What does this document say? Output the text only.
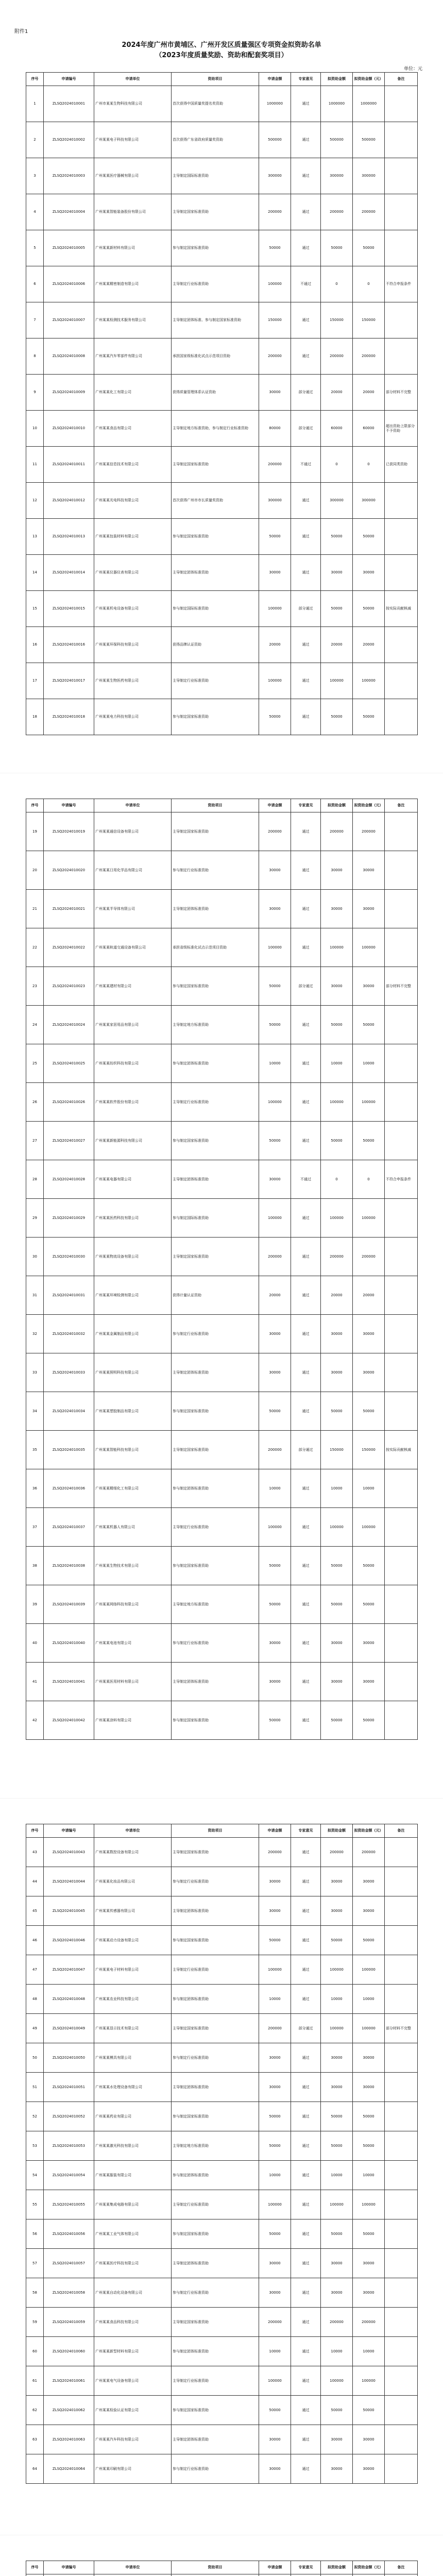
附件1
2024年度广州市黄埔区、广州开发区质量强区专项资金拟资助名单
（2023年度质量奖励、资助和配套奖项目）
单位：元
序号	申请编号	申请单位	资助项目	申请金额	专家意见	拟资助金额	拟资助金额（元）	备注
1	ZLSQ2024010001	广州市某某生物科技有限公司	首次获得中国质量奖提名奖资助	1000000	通过	1000000	1000000	
2	ZLSQ2024010002	广州某某电子科技有限公司	首次获得广东省政府质量奖资助	500000	通过	500000	500000	
3	ZLSQ2024010003	广州某某医疗器械有限公司	主导制定国际标准资助	300000	通过	300000	300000	
4	ZLSQ2024010004	广州某某智能装备股份有限公司	主导制定国家标准资助	200000	通过	200000	200000	
5	ZLSQ2024010005	广州某某新材料有限公司	参与制定国家标准资助	50000	通过	50000	50000	
6	ZLSQ2024010006	广州某某精密制造有限公司	主导制定行业标准资助	100000	不通过	0	0	不符合申报条件
7	ZLSQ2024010007	广州某某检测技术服务有限公司	主导制定团体标准、参与制定国家标准资助	150000	通过	150000	150000	
8	ZLSQ2024010008	广州某某汽车零部件有限公司	承担国家级标准化试点示范项目资助	200000	通过	200000	200000	
9	ZLSQ2024010009	广州某某化工有限公司	获得质量管理体系认证资助	30000	部分通过	20000	20000	部分材料不完整
10	ZLSQ2024010010	广州某某食品有限公司	主导制定地方标准资助，参与制定行业标准资助	80000	部分通过	60000	60000	超出资助上限部分不予资助
11	ZLSQ2024010011	广州某某信息技术有限公司	主导制定国家标准资助	200000	不通过	0	0	已获同类资助
12	ZLSQ2024010012	广州某某光电科技有限公司	首次获得广州市市长质量奖资助	300000	通过	300000	300000	
13	ZLSQ2024010013	广州某某包装材料有限公司	参与制定国家标准资助	50000	通过	50000	50000	
14	ZLSQ2024010014	广州某某仪器仪表有限公司	主导制定团体标准资助	30000	通过	30000	30000	
15	ZLSQ2024010015	广州某某机电设备有限公司	参与制定国际标准资助	100000	部分通过	50000	50000	按实际贡献核减
16	ZLSQ2024010016	广州某某环保科技有限公司	获得品牌认证资助	20000	通过	20000	20000	
17	ZLSQ2024010017	广州某某生物医药有限公司	主导制定行业标准资助	100000	通过	100000	100000	
18	ZLSQ2024010018	广州某某电力科技有限公司	参与制定国家标准资助	50000	通过	50000	50000	
序号	申请编号	申请单位	资助项目	申请金额	专家意见	拟资助金额	拟资助金额（元）	备注
19	ZLSQ2024010019	广州某某通信设备有限公司	主导制定国家标准资助	200000	通过	200000	200000	
20	ZLSQ2024010020	广州某某日用化学品有限公司	参与制定行业标准资助	30000	通过	30000	30000	
21	ZLSQ2024010021	广州某某半导体有限公司	主导制定团体标准资助	30000	通过	30000	30000	
22	ZLSQ2024010022	广州某某轨道交通设备有限公司	承担省级标准化试点示范项目资助	100000	通过	100000	100000	
23	ZLSQ2024010023	广州某某建材有限公司	参与制定国家标准资助	50000	部分通过	30000	30000	部分材料不完整
24	ZLSQ2024010024	广州某某家居用品有限公司	主导制定地方标准资助	50000	通过	50000	50000	
25	ZLSQ2024010025	广州某某纺织科技有限公司	参与制定团体标准资助	10000	通过	10000	10000	
26	ZLSQ2024010026	广州某某软件股份有限公司	主导制定行业标准资助	100000	通过	100000	100000	
27	ZLSQ2024010027	广州某某新能源科技有限公司	参与制定国家标准资助	50000	通过	50000	50000	
28	ZLSQ2024010028	广州某某电器有限公司	主导制定团体标准资助	30000	不通过	0	0	不符合申报条件
29	ZLSQ2024010029	广州某某医药科技有限公司	参与制定国际标准资助	100000	通过	100000	100000	
30	ZLSQ2024010030	广州某某物流设备有限公司	主导制定国家标准资助	200000	通过	200000	200000	
31	ZLSQ2024010031	广州某某环境检测有限公司	获得计量认证资助	20000	通过	20000	20000	
32	ZLSQ2024010032	广州某某金属制品有限公司	参与制定行业标准资助	30000	通过	30000	30000	
33	ZLSQ2024010033	广州某某照明科技有限公司	主导制定团体标准资助	30000	通过	30000	30000	
34	ZLSQ2024010034	广州某某塑胶制品有限公司	参与制定国家标准资助	50000	通过	50000	50000	
35	ZLSQ2024010035	广州某某智能科技有限公司	主导制定国家标准资助	200000	部分通过	150000	150000	按实际贡献核减
36	ZLSQ2024010036	广州某某精细化工有限公司	参与制定团体标准资助	10000	通过	10000	10000	
37	ZLSQ2024010037	广州某某机器人有限公司	主导制定行业标准资助	100000	通过	100000	100000	
38	ZLSQ2024010038	广州某某生物技术有限公司	参与制定国家标准资助	50000	通过	50000	50000	
39	ZLSQ2024010039	广州某某网络科技有限公司	主导制定地方标准资助	50000	通过	50000	50000	
40	ZLSQ2024010040	广州某某电池有限公司	参与制定行业标准资助	30000	通过	30000	30000	
41	ZLSQ2024010041	广州某某医用材料有限公司	主导制定团体标准资助	30000	通过	30000	30000	
42	ZLSQ2024010042	广州某某涂料有限公司	参与制定国家标准资助	50000	通过	50000	50000	
序号	申请编号	申请单位	资助项目	申请金额	专家意见	拟资助金额	拟资助金额（元）	备注
43	ZLSQ2024010043	广州某某数控设备有限公司	主导制定国家标准资助	200000	通过	200000	200000	
44	ZLSQ2024010044	广州某某化妆品有限公司	参与制定行业标准资助	30000	通过	30000	30000	
45	ZLSQ2024010045	广州某某传感器有限公司	主导制定团体标准资助	30000	通过	30000	30000	
46	ZLSQ2024010046	广州某某动力设备有限公司	参与制定国家标准资助	50000	通过	50000	50000	
47	ZLSQ2024010047	广州某某电子材料有限公司	主导制定行业标准资助	100000	通过	100000	100000	
48	ZLSQ2024010048	广州某某农业科技有限公司	参与制定团体标准资助	10000	通过	10000	10000	
49	ZLSQ2024010049	广州某某显示技术有限公司	主导制定国家标准资助	200000	部分通过	100000	100000	部分材料不完整
50	ZLSQ2024010050	广州某某模具有限公司	参与制定行业标准资助	30000	通过	30000	30000	
51	ZLSQ2024010051	广州某某水处理设备有限公司	主导制定团体标准资助	30000	通过	30000	30000	
52	ZLSQ2024010052	广州某某药业有限公司	参与制定国家标准资助	50000	通过	50000	50000	
53	ZLSQ2024010053	广州某某激光科技有限公司	主导制定地方标准资助	50000	通过	50000	50000	
54	ZLSQ2024010054	广州某某服装有限公司	参与制定团体标准资助	10000	通过	10000	10000	
55	ZLSQ2024010055	广州某某集成电路有限公司	主导制定行业标准资助	100000	通过	100000	100000	
56	ZLSQ2024010056	广州某某工业气体有限公司	参与制定国家标准资助	50000	通过	50000	50000	
57	ZLSQ2024010057	广州某某医疗科技有限公司	主导制定团体标准资助	30000	通过	30000	30000	
58	ZLSQ2024010058	广州某某自动化设备有限公司	参与制定行业标准资助	30000	通过	30000	30000	
59	ZLSQ2024010059	广州某某食品科技有限公司	主导制定国家标准资助	200000	通过	200000	200000	
60	ZLSQ2024010060	广州某某新型材料有限公司	参与制定团体标准资助	10000	通过	10000	10000	
61	ZLSQ2024010061	广州某某电气设备有限公司	主导制定行业标准资助	100000	通过	100000	100000	
62	ZLSQ2024010062	广州某某检验认证有限公司	参与制定国家标准资助	50000	通过	50000	50000	
63	ZLSQ2024010063	广州某某汽车科技有限公司	主导制定团体标准资助	30000	通过	30000	30000	
64	ZLSQ2024010064	广州某某印刷有限公司	参与制定行业标准资助	30000	通过	30000	30000	
序号	申请编号	申请单位	资助项目	申请金额	专家意见	拟资助金额	拟资助金额（元）	备注
